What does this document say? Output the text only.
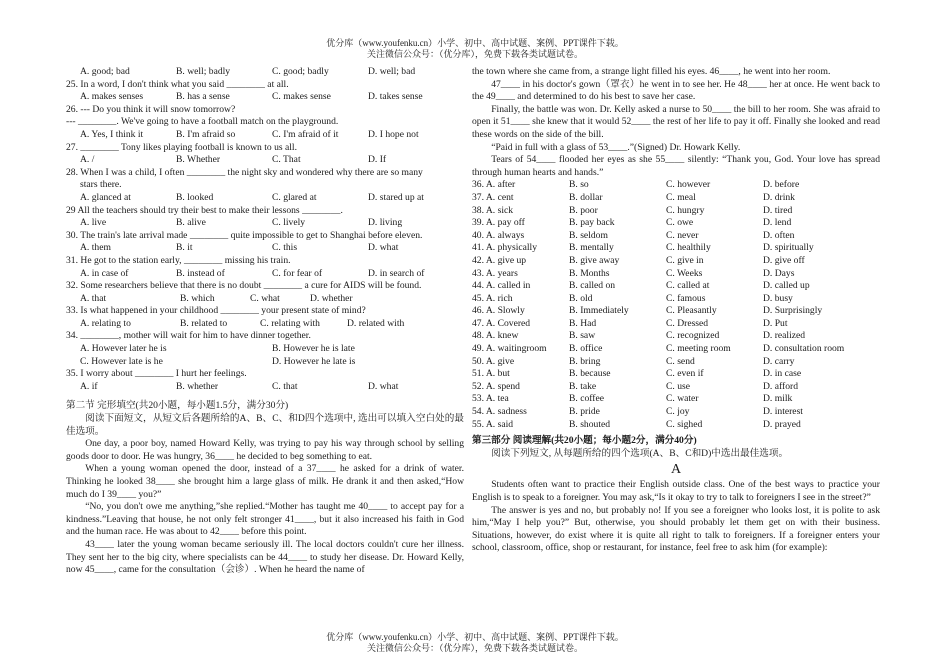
优分库（www.youfenku.cn）小学、初中、高中试题、案例、PPT课件下载。
关注微信公众号：（优分库），免费下载各类试题试卷。
A. good; bad	B. well; badly	C. good; badly	D. well; bad
25. In a word, I don't think what you said ________ at all.
A. makes senses	B. has a sense	C. makes sense	D. takes sense
26. --- Do you think it will snow tomorrow?
--- ________. We've going to have a football match on the playground.
A. Yes, I think it	B. I'm afraid so	C. I'm afraid of it	D. I hope not
27. ________ Tony likes playing football is known to us all.
A. /	B. Whether	C. That	D. If
28. When I was a child, I often ________ the night sky and wondered why there are so many
stars there.
A. glanced at	B. looked	C. glared at	D. stared up at
29 All the teachers should try their best to make their lessons ________.
A. live	B. alive	C. lively	D. living
30. The train's late arrival made ________ quite impossible to get to Shanghai before eleven.
A. them	B. it	C. this	D. what
31. He got to the station early, ________ missing his train.
A. in case of	B. instead of	C. for fear of	D. in search of
32. Some researchers believe that there is no doubt ________ a cure for AIDS will be found.
A. that	B. which	C. what	D. whether
33. Is what happened in your childhood ________ your present state of mind?
A. relating to	B. related to	C. relating with	D. related with
34. ________, mother will wait for him to have dinner together.
A. However later he is	B. However he is late
C. However late is he	D. However he late is
35. I worry about ________ I hurt her feelings.
A. if	B. whether	C. that	D. what
第二节 完形填空(共20小题，每小题1.5分，满分30分)

阅读下面短文，从短文后各题所给的A、B、C、和D四个选项中, 选出可以填入空白处的最佳选项。

One day, a poor boy, named Howard Kelly, was trying to pay his way through school by selling goods door to door. He was hungry, 36____ he decided to beg something to eat.

When a young woman opened the door, instead of a 37____ he asked for a drink of water. Thinking he looked 38____ she brought him a large glass of milk. He drank it and then asked,“How much do I 39____ you?”

“No, you don't owe me anything,”she replied.“Mother has taught me 40____ to accept pay for a kindness.”Leaving that house, he not only felt stronger 41____, but it also increased his faith in God and the human race. He was about to 42____ before this point.

43____ later the young woman became seriously ill. The local doctors couldn't cure her illness. They sent her to the big city, where specialists can be 44____ to study her disease. Dr. Howard Kelly, now 45____, came for the consultation（会诊）. When he heard the name of

the town where she came from, a strange light filled his eyes. 46____, he went into her room.

47____ in his doctor's gown（罩衣）he went in to see her. He 48____ her at once. He went back to the 49____ and determined to do his best to save her case.

Finally, the battle was won. Dr. Kelly asked a nurse to 50____ the bill to her room. She was afraid to open it 51____ she knew that it would 52____ the rest of her life to pay it off. Finally she looked and read these words on the side of the bill.

“Paid in full with a glass of 53____.”(Signed) Dr. Howark Kelly.

Tears of 54____ flooded her eyes as she 55____ silently: “Thank you, God. Your love has spread through human hearts and hands.”

36. A. after	B. so	C. however	D. before
37. A. cent	B. dollar	C. meal	D. drink
38. A. sick	B. poor	C. hungry	D. tired
39. A. pay off	B. pay back	C. owe	D. lend
40. A. always	B. seldom	C. never	D. often
41. A. physically	B. mentally	C. healthily	D. spiritually
42. A. give up	B. give away	C. give in	D. give off
43. A. years	B. Months	C. Weeks	D. Days
44. A. called in	B. called on	C. called at	D. called up
45. A. rich	B. old	C. famous	D. busy
46. A. Slowly	B. Immediately	C. Pleasantly	D. Surprisingly
47. A. Covered	B. Had	C. Dressed	D. Put
48. A. knew	B. saw	C. recognized	D. realized
49. A. waitingroom	B. office	C. meeting room	D. consultation room
50. A. give	B. bring	C. send	D. carry
51. A. but	B. because	C. even if	D. in case
52. A. spend	B. take	C. use	D. afford
53. A. tea	B. coffee	C. water	D. milk
54. A. sadness	B. pride	C. joy	D. interest
55. A. said	B. shouted	C. sighed	D. prayed
第三部分 阅读理解(共20小题；每小题2分，满分40分)

阅读下列短文, 从每题所给的四个选项(A、B、C和D)中选出最佳选项。

A

Students often want to practice their English outside class. One of the best ways to practice your English is to speak to a foreigner. You may ask,“Is it okay to try to talk to foreigners I see in the street?”

The answer is yes and no, but probably no! If you see a foreigner who looks lost, it is polite to ask him,“May I help you?” But, otherwise, you should probably let them get on with their business. Situations, however, do exist where it is quite all right to talk to foreigners. If a foreigner enters your school, classroom, office, shop or restaurant, for instance, feel free to ask him (for example):

优分库（www.youfenku.cn）小学、初中、高中试题、案例、PPT课件下载。
关注微信公众号：（优分库），免费下载各类试题试卷。
